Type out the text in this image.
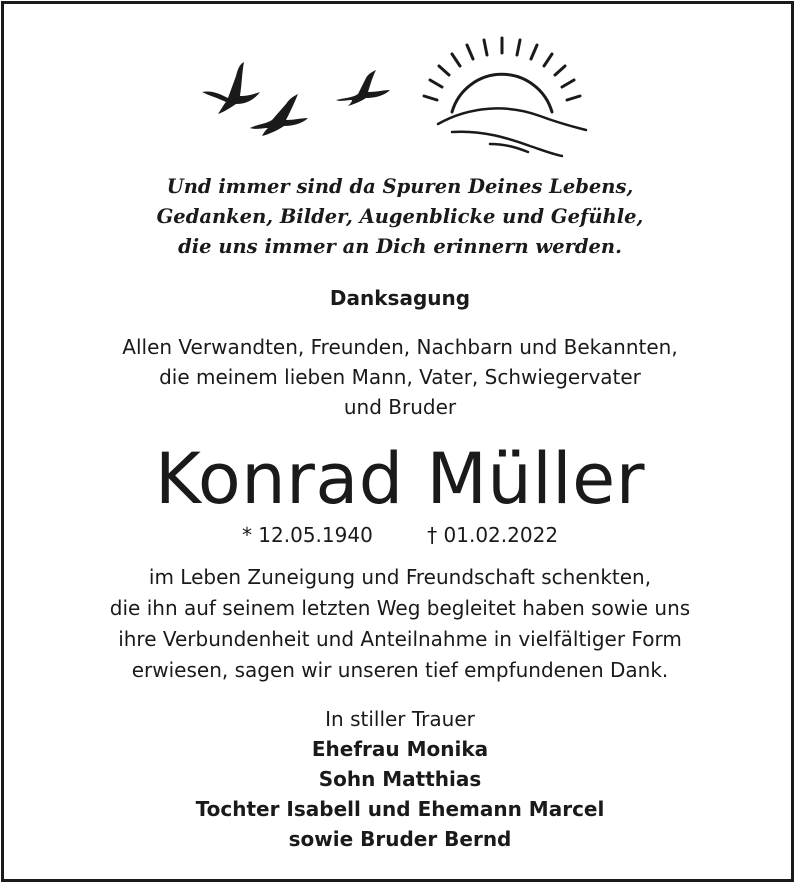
Und immer sind da Spuren Deines Lebens,
Gedanken, Bilder, Augenblicke und Gefühle,
die uns immer an Dich erinnern werden.
Danksagung
Allen Verwandten, Freunden, Nachbarn und Bekannten,
die meinem lieben Mann, Vater, Schwiegervater
und Bruder
Konrad Müller
* 12.05.1940	† 01.02.2022
im Leben Zuneigung und Freundschaft schenkten,
die ihn auf seinem letzten Weg begleitet haben sowie uns
ihre Verbundenheit und Anteilnahme in vielfältiger Form
erwiesen, sagen wir unseren tief empfundenen Dank.
In stiller Trauer
Ehefrau Monika
Sohn Matthias
Tochter Isabell und Ehemann Marcel
sowie Bruder Bernd
